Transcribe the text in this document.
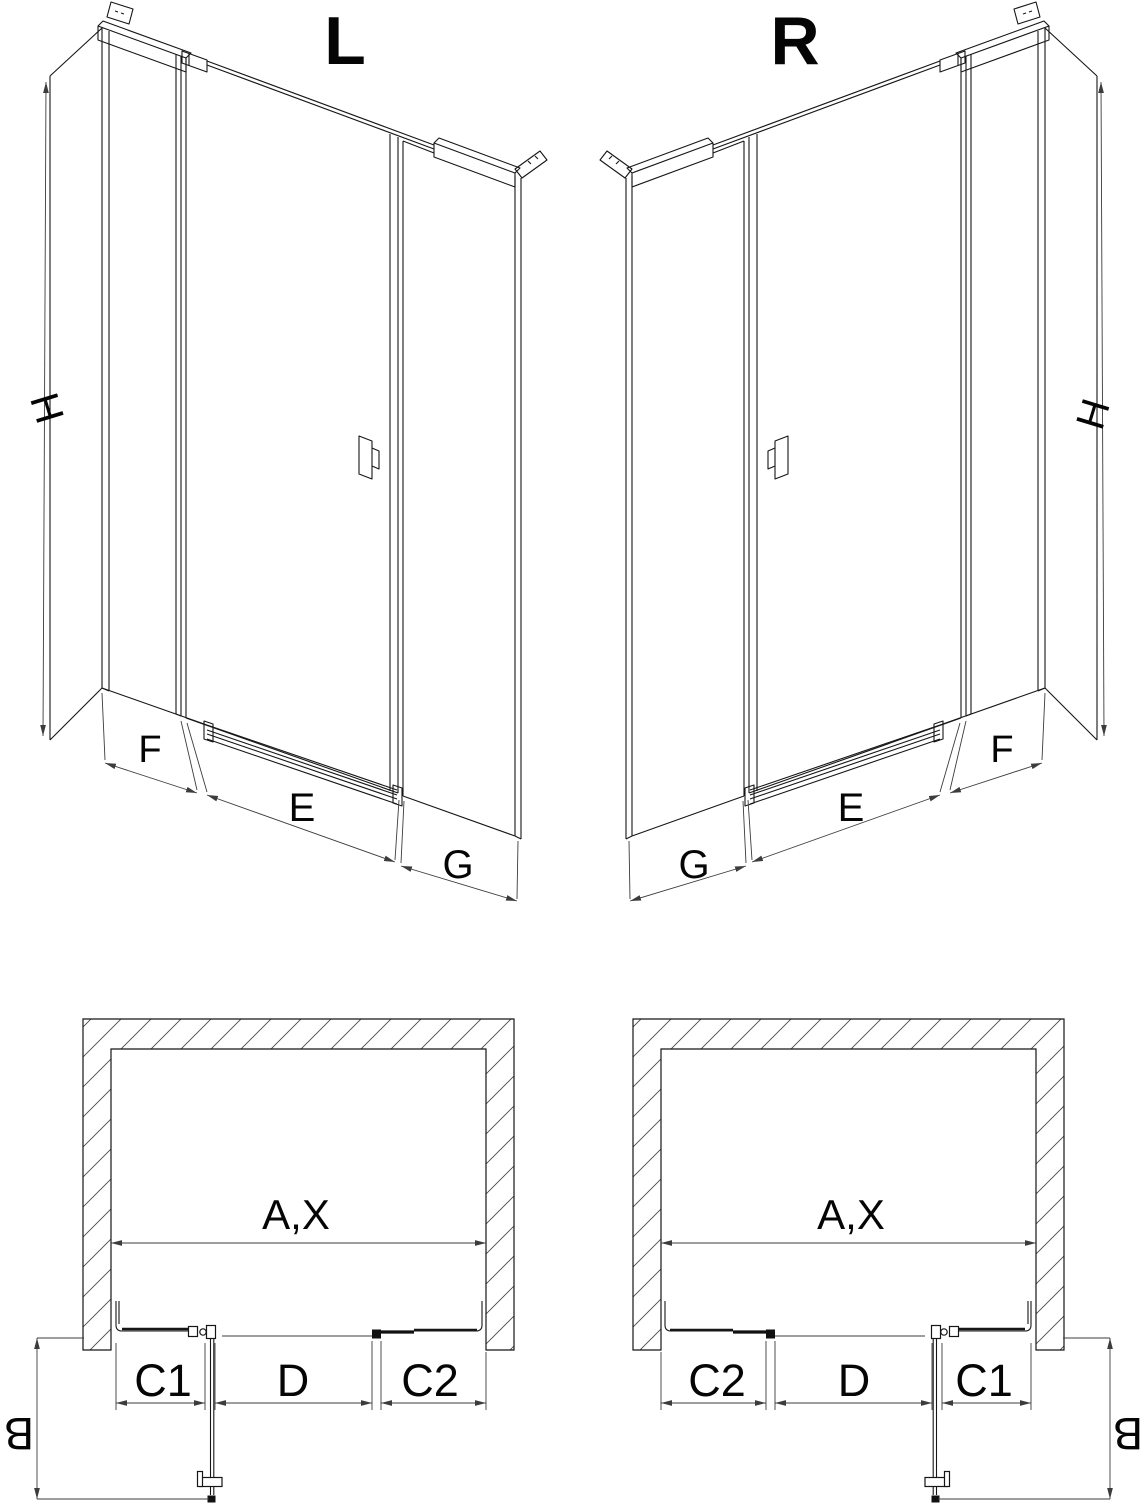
L	R
H
F
E
G
H
G
E
F
A,X
C1 D C2
B
A,X
C2 D C1
B
